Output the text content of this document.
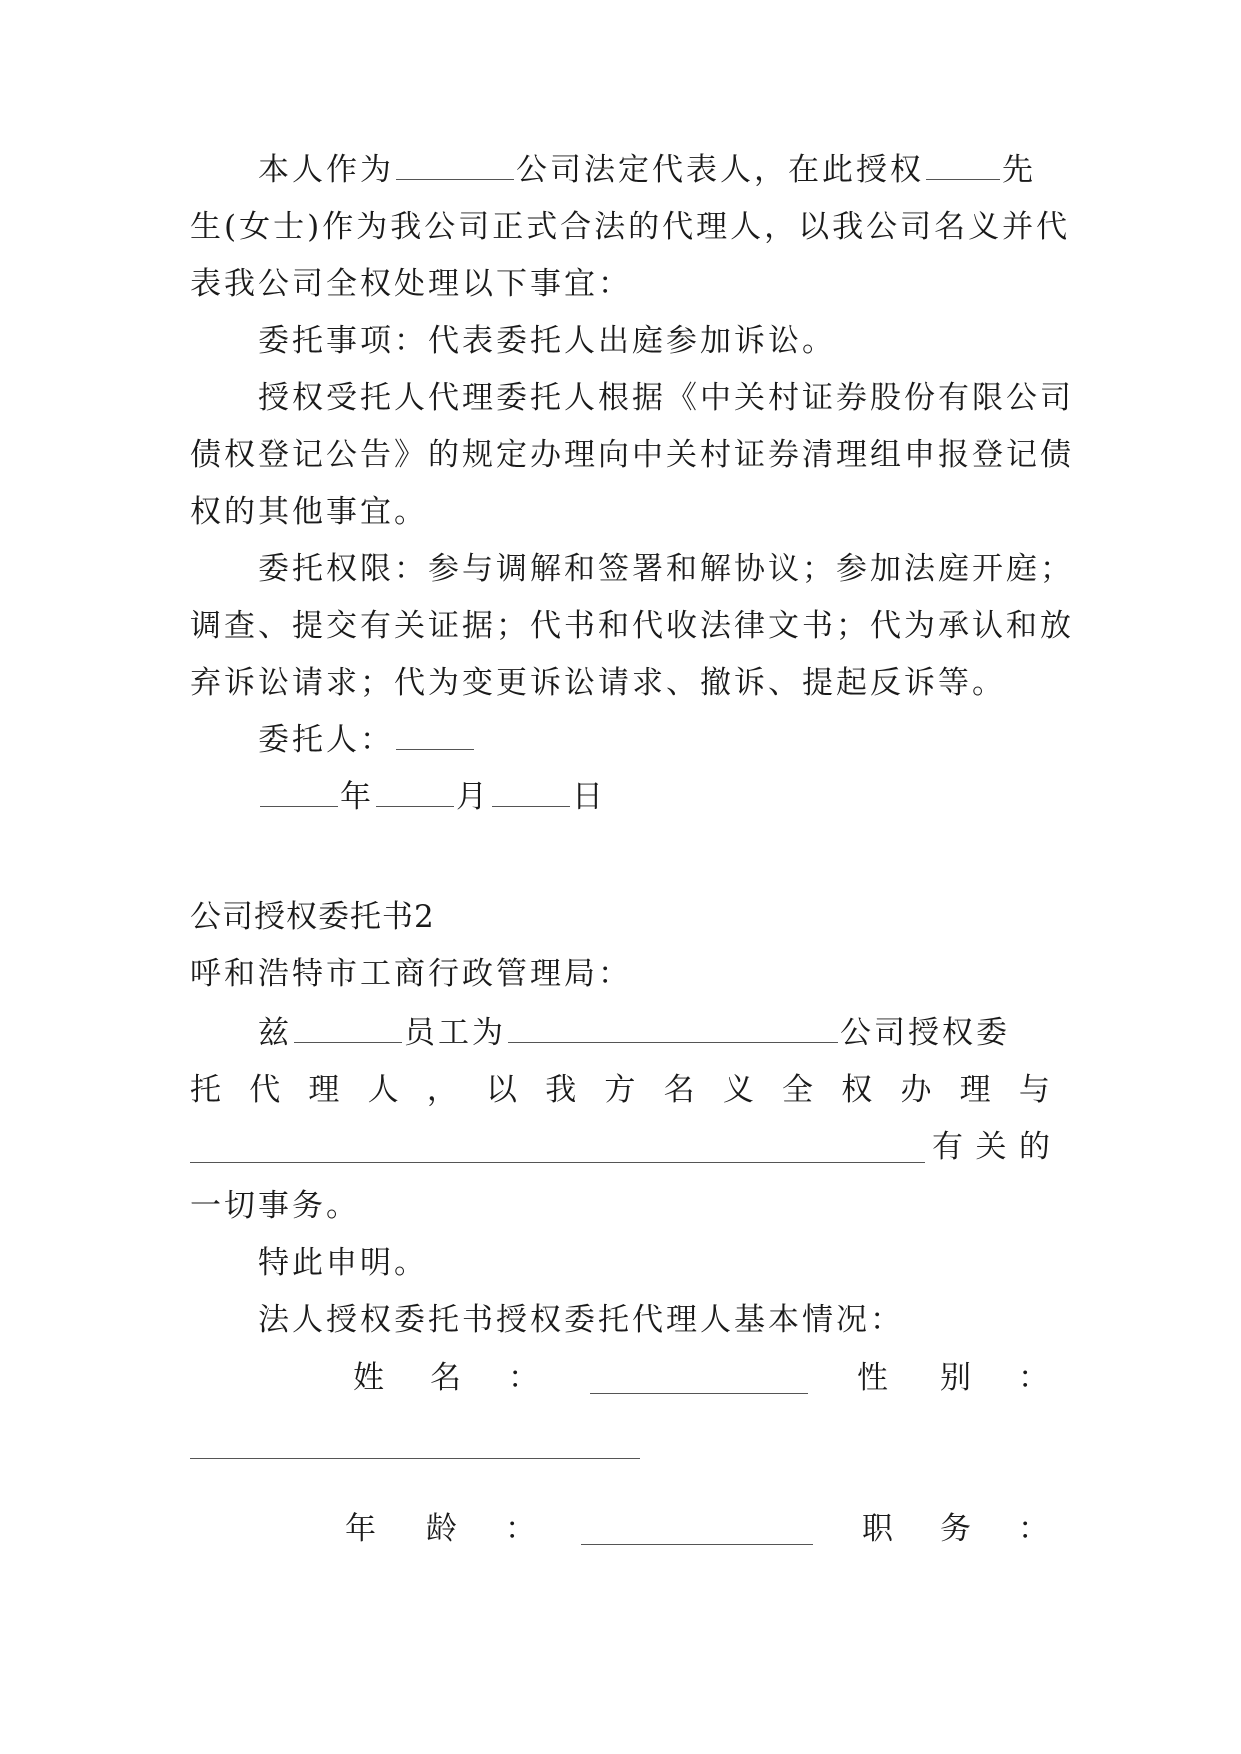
本人作为	公司法定代表人，在此授权	先
生(女士)作为我公司正式合法的代理人，以我公司名义并代
表我公司全权处理以下事宜：
委托事项：代表委托人出庭参加诉讼。
授权受托人代理委托人根据《中关村证券股份有限公司
债权登记公告》的规定办理向中关村证券清理组申报登记债
权的其他事宜。
委托权限：参与调解和签署和解协议；参加法庭开庭；
调查、提交有关证据；代书和代收法律文书；代为承认和放
弃诉讼请求；代为变更诉讼请求、撤诉、提起反诉等。
委托人：
年	月	日
公司授权委托书2
呼和浩特市工商行政管理局：
兹	员工为	公司授权委
托 代 理 人 ， 以 我 方 名 义 全 权 办 理 与
有 关 的
一切事务。
特此申明。
法人授权委托书授权委托代理人基本情况：
姓 名 ：	性 别 ：
年 龄 ：	职 务 ：
